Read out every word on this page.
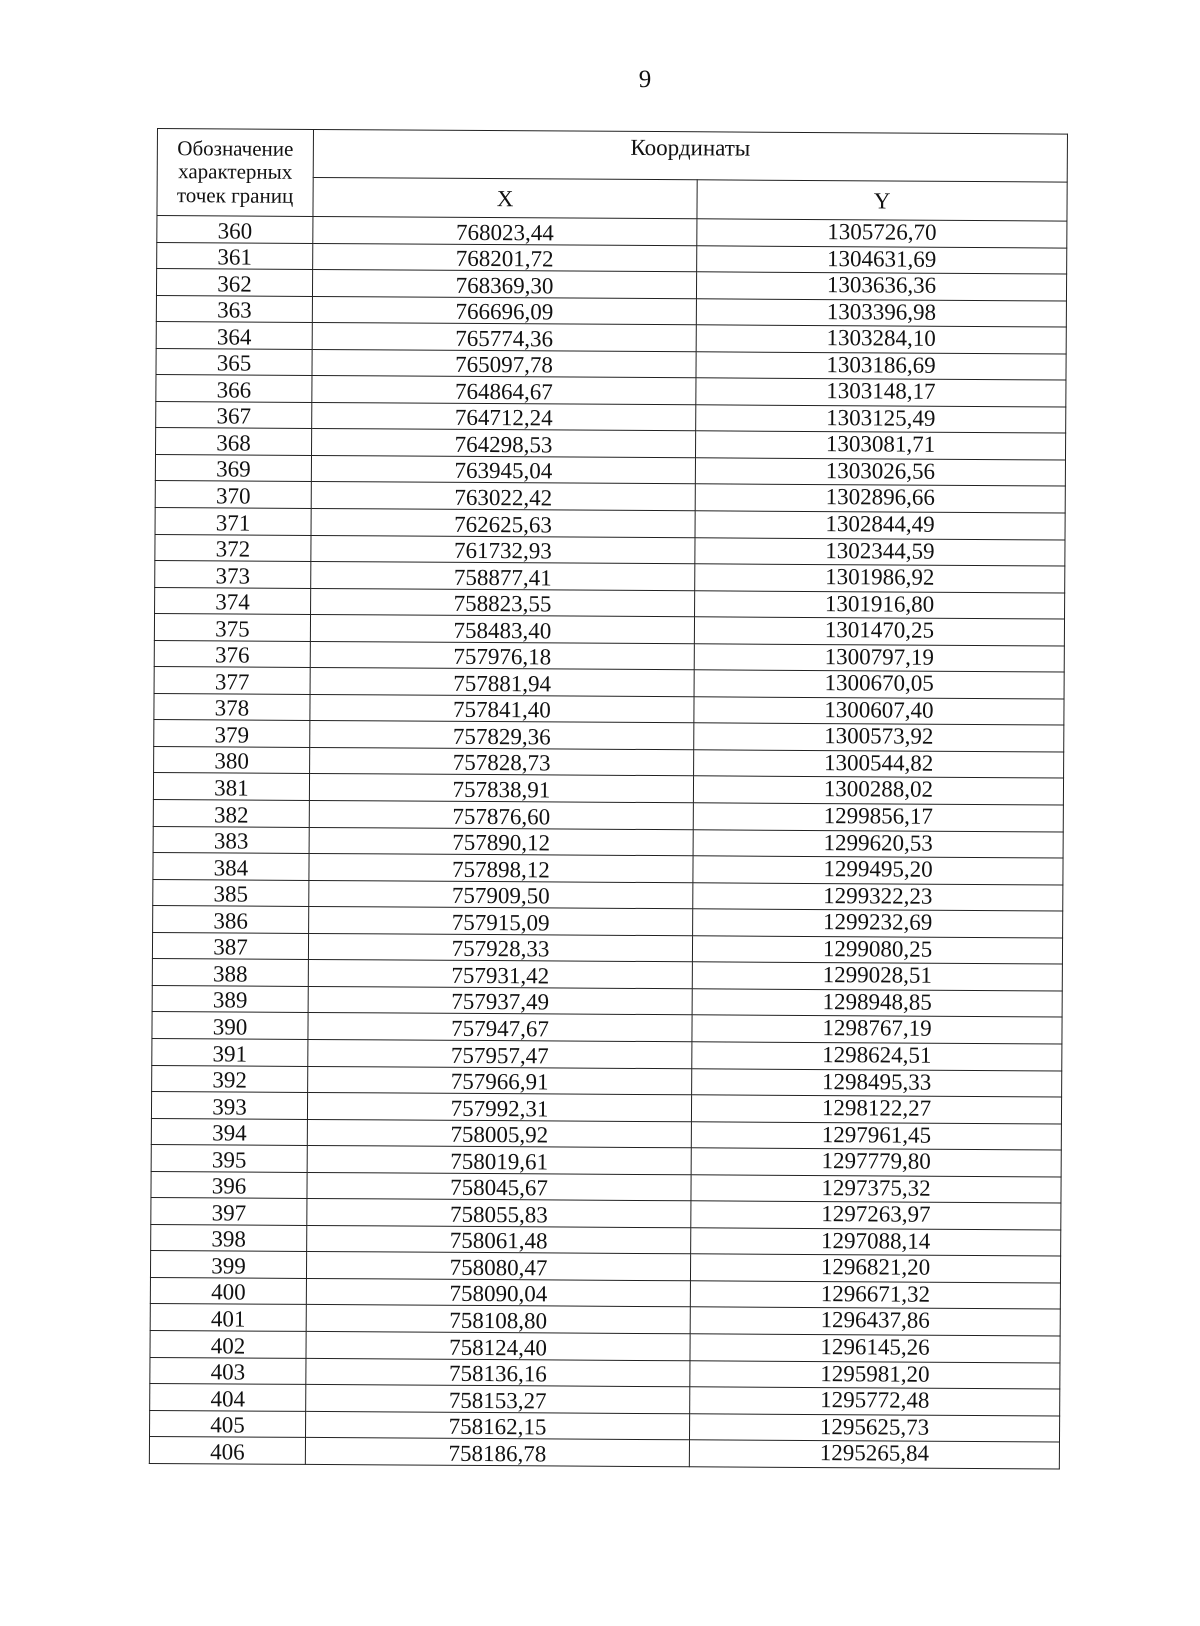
9
Обозначение характерных точек границ	Координаты	
	X	Y
360	768023,44	1305726,70
361	768201,72	1304631,69
362	768369,30	1303636,36
363	766696,09	1303396,98
364	765774,36	1303284,10
365	765097,78	1303186,69
366	764864,67	1303148,17
367	764712,24	1303125,49
368	764298,53	1303081,71
369	763945,04	1303026,56
370	763022,42	1302896,66
371	762625,63	1302844,49
372	761732,93	1302344,59
373	758877,41	1301986,92
374	758823,55	1301916,80
375	758483,40	1301470,25
376	757976,18	1300797,19
377	757881,94	1300670,05
378	757841,40	1300607,40
379	757829,36	1300573,92
380	757828,73	1300544,82
381	757838,91	1300288,02
382	757876,60	1299856,17
383	757890,12	1299620,53
384	757898,12	1299495,20
385	757909,50	1299322,23
386	757915,09	1299232,69
387	757928,33	1299080,25
388	757931,42	1299028,51
389	757937,49	1298948,85
390	757947,67	1298767,19
391	757957,47	1298624,51
392	757966,91	1298495,33
393	757992,31	1298122,27
394	758005,92	1297961,45
395	758019,61	1297779,80
396	758045,67	1297375,32
397	758055,83	1297263,97
398	758061,48	1297088,14
399	758080,47	1296821,20
400	758090,04	1296671,32
401	758108,80	1296437,86
402	758124,40	1296145,26
403	758136,16	1295981,20
404	758153,27	1295772,48
405	758162,15	1295625,73
406	758186,78	1295265,84
